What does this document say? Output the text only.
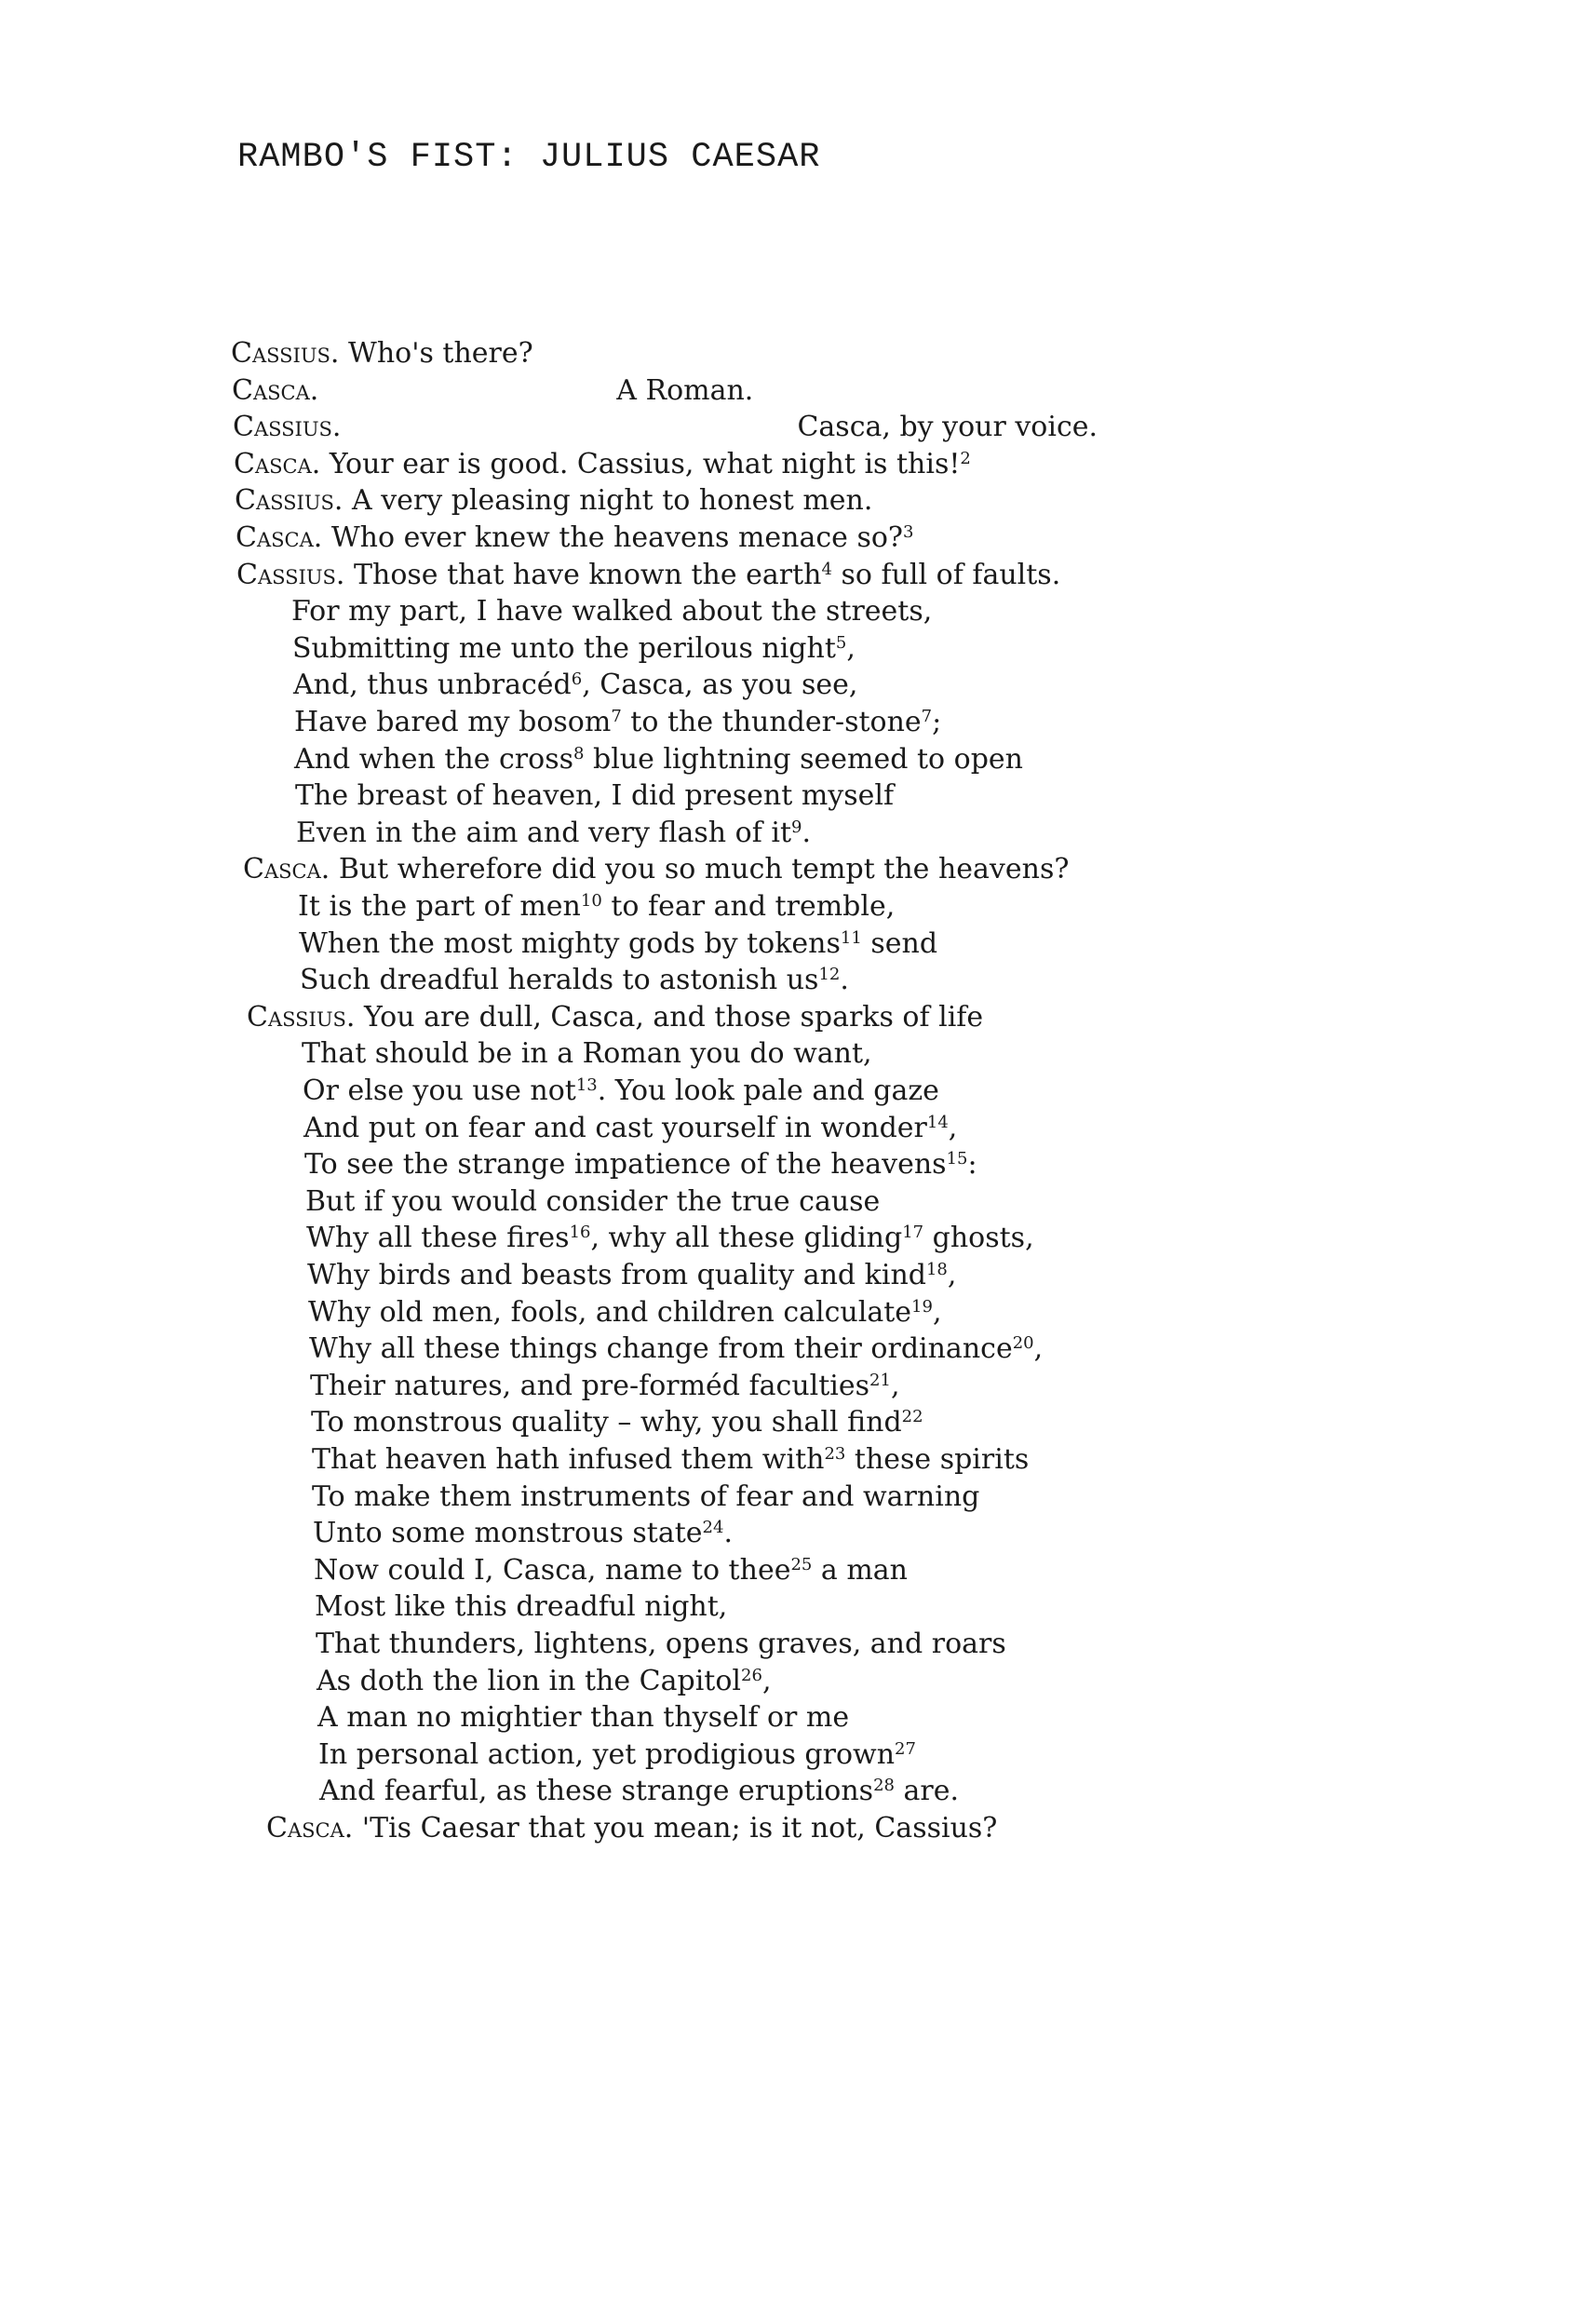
RAMBO'S FIST: JULIUS CAESAR
Cassius. Who's there?
Casca.	A Roman.
Cassius.	Casca, by your voice.
Casca. Your ear is good. Cassius, what night is this!$^2$
Cassius. A very pleasing night to honest men.
Casca. Who ever knew the heavens menace so?$^3$
Cassius. Those that have known the earth$^4$ so full of faults.
For my part, I have walked about the streets,
Submitting me unto the perilous night$^5$,
And, thus unbracéd$^6$, Casca, as you see,
Have bared my bosom$^7$ to the thunder-stone$^7$;
And when the cross$^8$ blue lightning seemed to open
The breast of heaven, I did present myself
Even in the aim and very flash of $it^9$.
Casca. But wherefore did you so much tempt the heavens?
It is the part of men$^{10}$ to fear and tremble,
When the most mighty gods by tokens$^{11}$ send
Such dreadful heralds to astonish $us^{12}$.
Cassius. You are dull, Casca, and those sparks of life
That should be in a Roman you do want,
Or else you use not$^{13}$. You look pale and gaze
And put on fear and cast yourself in wonder$^{14}$,
To see the strange impatience of the heavens$^{15}$:
But if you would consider the true cause
Why all these fires$^{16}$, why all these gliding$^{17}$ ghosts,
Why birds and beasts from quality and kind$^{18}$,
Why old men, fools, and children calculate$^{19}$,
Why all these things change from their ordinance$^{20}$,
Their natures, and pre-forméd faculties$^{21}$,
To monstrous quality – why, you shall find$^{22}$
That heaven hath infused them with$^{23}$ these spirits
To make them instruments of fear and warning
Unto some monstrous state$^{24}$.
Now could I, Casca, name to thee$^{25}$ a man
Most like this dreadful night,
That thunders, lightens, opens graves, and roars
As doth the lion in the Capitol$^{26}$,
A man no mightier than thyself or me
In personal action, yet prodigious grown$^{27}$
And fearful, as these strange eruptions$^{28}$ are.
Casca. 'Tis Caesar that you mean; is it not, Cassius?
